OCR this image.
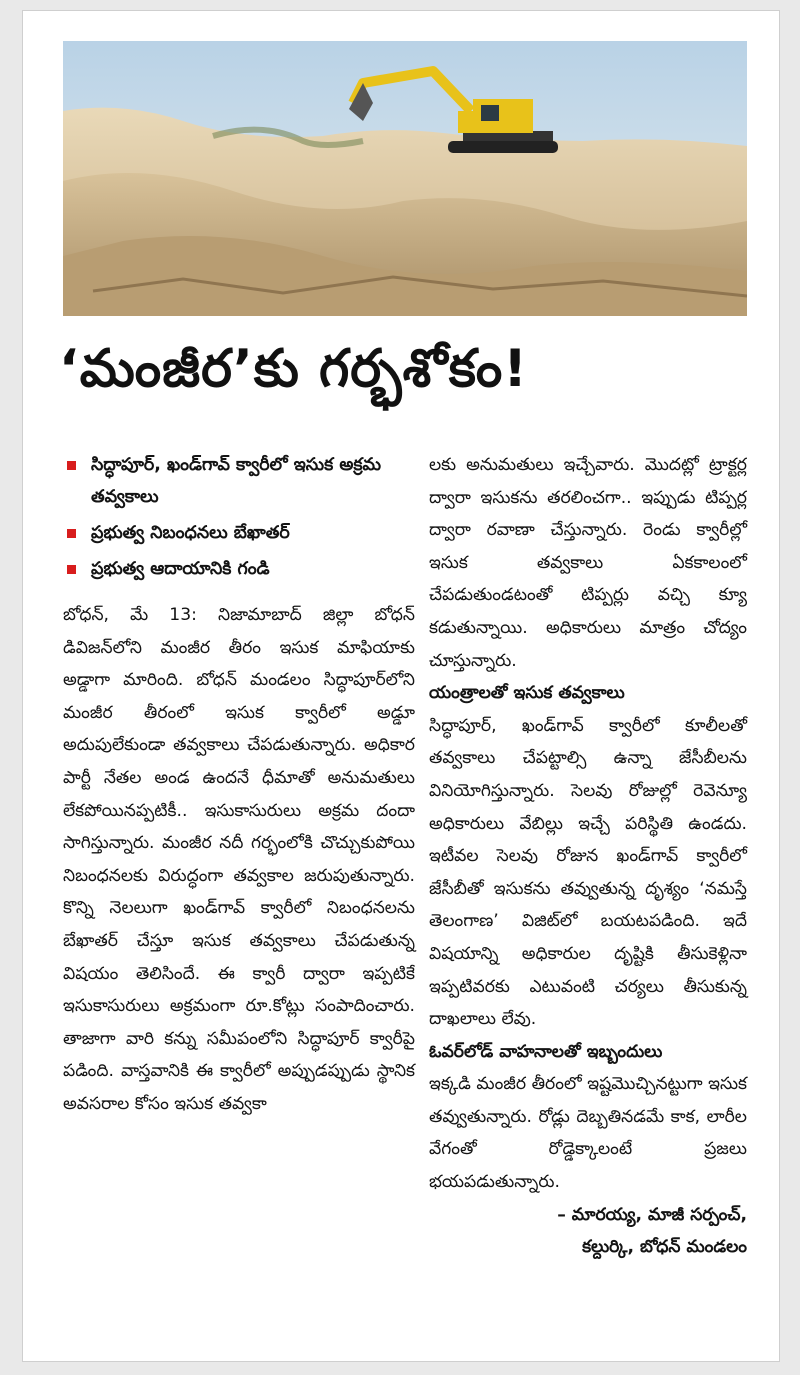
‘మంజీర’కు గర్భశోకం!
సిద్ధాపూర్‌, ఖండ్‌గావ్‌ క్వారీలో ఇసుక అక్రమ తవ్వకాలు
ప్రభుత్వ నిబంధనలు బేఖాతర్‌
ప్రభుత్వ ఆదాయానికి గండి

బోధన్‌, మే 13: నిజామాబాద్‌ జిల్లా బోధన్‌ డివిజన్‌లోని మంజీర తీరం ఇసుక మాఫియాకు అడ్డాగా మారింది. బోధన్‌ మండలం సిద్ధాపూర్‌లోని మంజీర తీరంలో ఇసుక క్వారీలో అడ్డూ అదుపులేకుండా తవ్వకాలు చేపడుతున్నారు. అధికార పార్టీ నేతల అండ ఉందనే ధీమాతో అనుమతులు లేకపోయినప్పటికీ.. ఇసుకాసురులు అక్రమ దందా సాగిస్తున్నారు. మంజీర నదీ గర్భంలోకి చొచ్చుకుపోయి నిబంధనలకు విరుద్ధంగా తవ్వకాల జరుపుతున్నారు. కొన్ని నెలలుగా ఖండ్‌గావ్‌ క్వారీలో నిబంధనలను బేఖాతర్‌ చేస్తూ ఇసుక తవ్వకాలు చేపడుతున్న విషయం తెలిసిందే. ఈ క్వారీ ద్వారా ఇప్పటికే ఇసుకాసురులు అక్రమంగా రూ.కోట్లు సంపాదించారు. తాజాగా వారి కన్ను సమీపంలోని సిద్ధాపూర్‌ క్వారీపై పడింది. వాస్తవానికి ఈ క్వారీలో అప్పుడప్పుడు స్థానిక అవసరాల కోసం ఇసుక తవ్వకా

లకు అనుమతులు ఇచ్చేవారు. మొదట్లో ట్రాక్టర్ల ద్వారా ఇసుకను తరలించగా.. ఇప్పుడు టిప్పర్ల ద్వారా రవాణా చేస్తున్నారు. రెండు క్వారీల్లో ఇసుక తవ్వకాలు ఏకకాలంలో చేపడుతుండటంతో టిప్పర్లు వచ్చి క్యూ కడుతున్నాయి. అధికారులు మాత్రం చోద్యం చూస్తున్నారు.

యంత్రాలతో ఇసుక తవ్వకాలు

సిద్ధాపూర్‌, ఖండ్‌గావ్‌ క్వారీలో కూలీలతో తవ్వకాలు చేపట్టాల్సి ఉన్నా జేసీబీలను వినియోగిస్తున్నారు. సెలవు రోజుల్లో రెవెన్యూ అధికారులు వేబిల్లు ఇచ్చే పరిస్థితి ఉండదు. ఇటీవల సెలవు రోజున ఖండ్‌గావ్‌ క్వారీలో జేసీబీతో ఇసుకను తవ్వుతున్న దృశ్యం ‘నమస్తే తెలంగాణ’ విజిట్‌లో బయటపడింది. ఇదే విషయాన్ని అధికారుల దృష్టికి తీసుకెళ్లినా ఇప్పటివరకు ఎటువంటి చర్యలు తీసుకున్న దాఖలాలు లేవు.

ఓవర్‌లోడ్‌ వాహనాలతో ఇబ్బందులు

ఇక్కడి మంజీర తీరంలో ఇష్టమొచ్చినట్టుగా ఇసుక తవ్వుతున్నారు. రోడ్లు దెబ్బతినడమే కాక, లారీల వేగంతో రోడ్డెక్కాలంటే ప్రజలు భయపడుతున్నారు.

– మారయ్య, మాజీ సర్పంచ్‌,

కల్దుర్కి, బోధన్‌ మండలం
